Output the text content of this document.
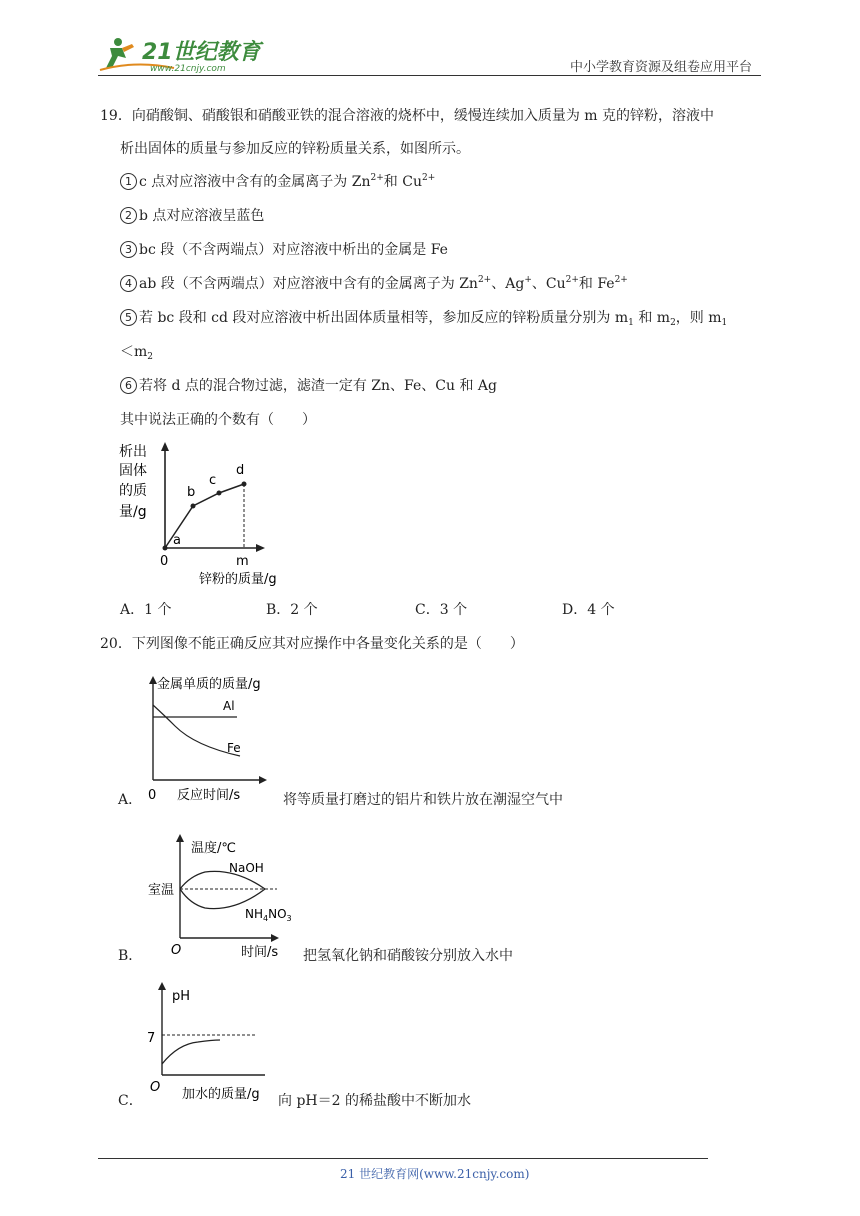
21世纪教育
www.21cnjy.com	中小学教育资源及组卷应用平台
19．向硝酸铜、硝酸银和硝酸亚铁的混合溶液的烧杯中，缓慢连续加入质量为 m 克的锌粉，溶液中
析出固体的质量与参加反应的锌粉质量关系，如图所示。
1 c 点对应溶液中含有的金属离子为 $Zn^{2+}$和 $Cu^{2+}$
2 b 点对应溶液呈蓝色
3 bc 段（不含两端点）对应溶液中析出的金属是 Fe
4 ab 段（不含两端点）对应溶液中含有的金属离子为 $Zn^{2+}$、Ag+、$Cu^{2+}$和 $Fe^{2+}$
5 若 bc 段和 cd 段对应溶液中析出固体质量相等，参加反应的锌粉质量分别为 $m_1$ 和 $m_2$，则 $m_1$
$<m_2$
6 若将 d 点的混合物过滤，滤渣一定有 Zn、Fe、Cu 和 Ag
其中说法正确的个数有（　　）
析出
固体
的质
量/g
a
b
c
d
0	m
锌粉的质量/g
A．1 个	B．2 个	C．3 个	D．4 个
20．下列图像不能正确反应其对应操作中各量变化关系的是（　　）
金属单质的质量/g
Al
Fe
0 反应时间/s
A．	将等质量打磨过的铝片和铁片放在潮湿空气中
温度/℃
室温
NaOH
$NH_4NO_3$
O	时间/s
B．	把氢氧化钠和硝酸铵分别放入水中
pH
7
O 加水的质量/g
C．	向 pH＝2 的稀盐酸中不断加水
21 世纪教育网(www.21cnjy.com)
